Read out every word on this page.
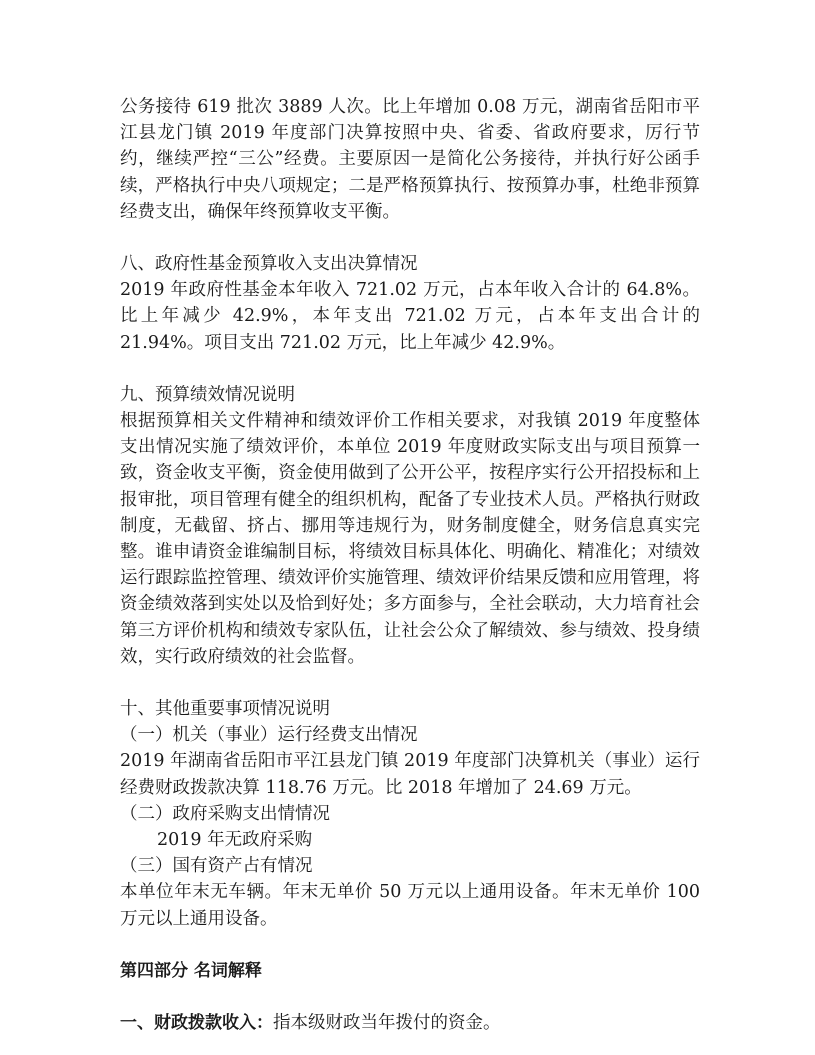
公务接待 619 批次 3889 人次。比上年增加 0.08 万元，湖南省岳阳市平江县龙门镇 2019 年度部门决算按照中央、省委、省政府要求，厉行节约，继续严控“三公”经费。主要原因一是简化公务接待，并执行好公函手续，严格执行中央八项规定；二是严格预算执行、按预算办事，杜绝非预算经费支出，确保年终预算收支平衡。

八、政府性基金预算收入支出决算情况

2019 年政府性基金本年收入 721.02 万元，占本年收入合计的 64.8%。比上年减少 42.9%，本年支出 721.02 万元，占本年支出合计的 21.94%。项目支出 721.02 万元，比上年减少 42.9%。

九、预算绩效情况说明

根据预算相关文件精神和绩效评价工作相关要求，对我镇 2019 年度整体支出情况实施了绩效评价，本单位 2019 年度财政实际支出与项目预算一致，资金收支平衡，资金使用做到了公开公平，按程序实行公开招投标和上报审批，项目管理有健全的组织机构，配备了专业技术人员。严格执行财政制度，无截留、挤占、挪用等违规行为，财务制度健全，财务信息真实完整。谁申请资金谁编制目标，将绩效目标具体化、明确化、精准化；对绩效运行跟踪监控管理、绩效评价实施管理、绩效评价结果反馈和应用管理，将资金绩效落到实处以及恰到好处；多方面参与，全社会联动，大力培育社会第三方评价机构和绩效专家队伍，让社会公众了解绩效、参与绩效、投身绩效，实行政府绩效的社会监督。

十、其他重要事项情况说明

（一）机关（事业）运行经费支出情况

2019 年湖南省岳阳市平江县龙门镇 2019 年度部门决算机关（事业）运行经费财政拨款决算 118.76 万元。比 2018 年增加了 24.69 万元。

（二）政府采购支出情情况

2019 年无政府采购

（三）国有资产占有情况

本单位年末无车辆。年末无单价 50 万元以上通用设备。年末无单价 100 万元以上通用设备。

第四部分 名词解释

一、财政拨款收入：指本级财政当年拨付的资金。
